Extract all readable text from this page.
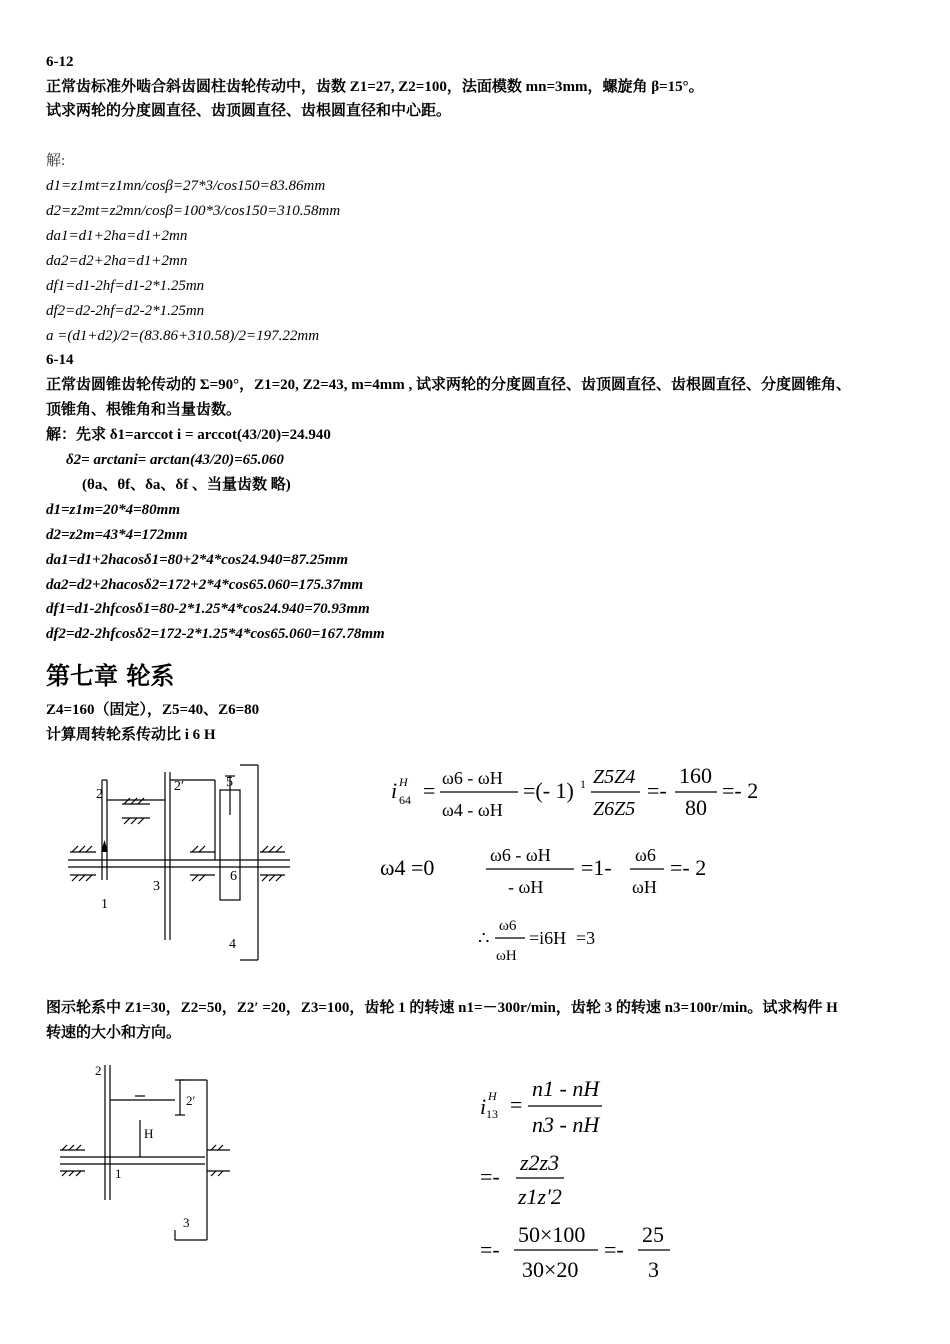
6-12
正常齿标准外啮合斜齿圆柱齿轮传动中，齿数 Z1=27, Z2=100，法面模数 mn=3mm，螺旋角 β=15°。
试求两轮的分度圆直径、齿顶圆直径、齿根圆直径和中心距。
解:
d1=z1mt=z1mn/cosβ=27*3/cos150=83.86mm
d2=z2mt=z2mn/cosβ=100*3/cos150=310.58mm
da1=d1+2ha=d1+2mn
da2=d2+2ha=d1+2mn
df1=d1-2hf=d1-2*1.25mn
df2=d2-2hf=d2-2*1.25mn
a =(d1+d2)/2=(83.86+310.58)/2=197.22mm
6-14
正常齿圆锥齿轮传动的 Σ=90°，Z1=20, Z2=43, m=4mm , 试求两轮的分度圆直径、齿顶圆直径、齿根圆直径、分度圆锥角、
顶锥角、根锥角和当量齿数。
解：先求 δ1=arccot i = arccot(43/20)=24.940
δ2= arctani= arctan(43/20)=65.060
(θa、θf、δa、δf 、当量齿数 略)
d1=z1m=20*4=80mm
d2=z2m=43*4=172mm
da1=d1+2hacosδ1=80+2*4*cos24.940=87.25mm
da2=d2+2hacosδ2=172+2*4*cos65.060=175.37mm
df1=d1-2hfcosδ1=80-2*1.25*4*cos24.940=70.93mm
df2=d2-2hfcosδ2=172-2*1.25*4*cos65.060=167.78mm
第七章 轮系
Z4=160（固定），Z5=40、Z6=80
计算周转轮系传动比 i 6 H
2
2′	5
1
3
6
4
i H
64 = ω6 - ωH
ω4 - ωH
=(- 1) 1 Z5Z4
Z6Z5
=-
160
80
=- 2
ω4 =0	ω6 - ωH
- ωH
=1- ω6
ωH
=- 2
∴
ω6
ωH
=i6H =3
图示轮系中 Z1=30，Z2=50，Z2′ =20，Z3=100，齿轮 1 的转速 n1=－300r/min，齿轮 3 的转速 n3=100r/min。试求构件 H
转速的大小和方向。
2
2′
H
1
3
i H
13 =
n1 - nH
n3 - nH
=-
z2z3
z1z′2
=-
50×100
30×20
=-
25
3
